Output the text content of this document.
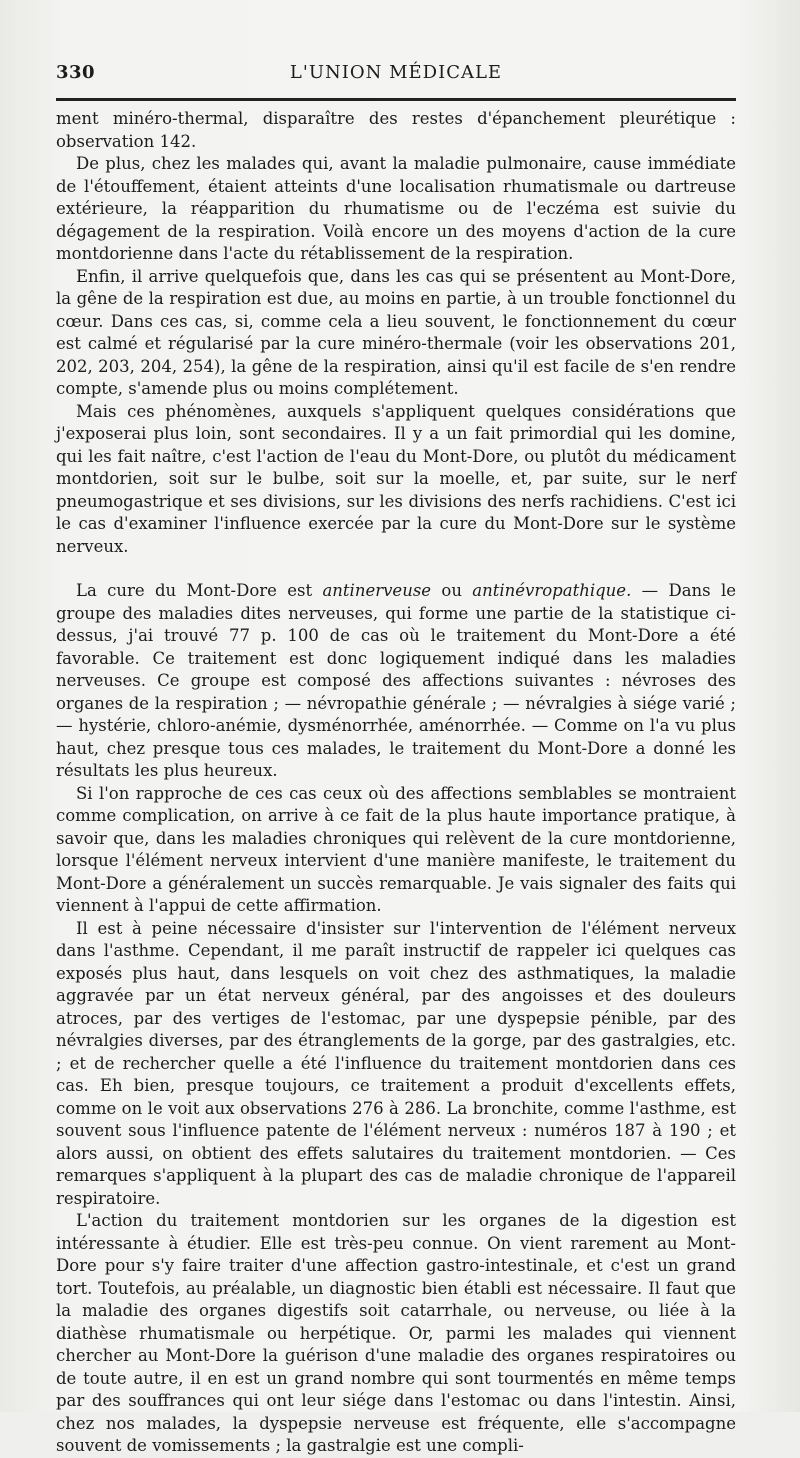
330	L'UNION MÉDICALE

ment minéro-thermal, disparaître des restes d'épanchement pleurétique : observation 142.

De plus, chez les malades qui, avant la maladie pulmonaire, cause immédiate de l'étouffement, étaient atteints d'une localisation rhumatismale ou dartreuse extérieure, la réapparition du rhumatisme ou de l'eczéma est suivie du dégagement de la respiration. Voilà encore un des moyens d'action de la cure montdorienne dans l'acte du rétablissement de la respiration.

Enfin, il arrive quelquefois que, dans les cas qui se présentent au Mont-Dore, la gêne de la respiration est due, au moins en partie, à un trouble fonctionnel du cœur. Dans ces cas, si, comme cela a lieu souvent, le fonctionnement du cœur est calmé et régularisé par la cure minéro-thermale (voir les observations 201, 202, 203, 204, 254), la gêne de la respiration, ainsi qu'il est facile de s'en rendre compte, s'amende plus ou moins complétement.

Mais ces phénomènes, auxquels s'appliquent quelques considérations que j'exposerai plus loin, sont secondaires. Il y a un fait primordial qui les domine, qui les fait naître, c'est l'action de l'eau du Mont-Dore, ou plutôt du médicament montdorien, soit sur le bulbe, soit sur la moelle, et, par suite, sur le nerf pneumogastrique et ses divisions, sur les divisions des nerfs rachidiens. C'est ici le cas d'examiner l'influence exercée par la cure du Mont-Dore sur le système nerveux.

La cure du Mont-Dore est antinerveuse ou antinévropathique. — Dans le groupe des maladies dites nerveuses, qui forme une partie de la statistique ci-dessus, j'ai trouvé 77 p. 100 de cas où le traitement du Mont-Dore a été favorable. Ce traitement est donc logiquement indiqué dans les maladies nerveuses. Ce groupe est composé des affections suivantes : névroses des organes de la respiration ; — névropathie générale ; — névralgies à siége varié ; — hystérie, chloro-anémie, dysménorrhée, aménorrhée. — Comme on l'a vu plus haut, chez presque tous ces malades, le traitement du Mont-Dore a donné les résultats les plus heureux.

Si l'on rapproche de ces cas ceux où des affections semblables se montraient comme complication, on arrive à ce fait de la plus haute importance pratique, à savoir que, dans les maladies chroniques qui relèvent de la cure montdorienne, lorsque l'élément nerveux intervient d'une manière manifeste, le traitement du Mont-Dore a généralement un succès remarquable. Je vais signaler des faits qui viennent à l'appui de cette affirmation.

Il est à peine nécessaire d'insister sur l'intervention de l'élément nerveux dans l'asthme. Cependant, il me paraît instructif de rappeler ici quelques cas exposés plus haut, dans lesquels on voit chez des asthmatiques, la maladie aggravée par un état nerveux général, par des angoisses et des douleurs atroces, par des vertiges de l'estomac, par une dyspepsie pénible, par des névralgies diverses, par des étranglements de la gorge, par des gastralgies, etc. ; et de rechercher quelle a été l'influence du traitement montdorien dans ces cas. Eh bien, presque toujours, ce traitement a produit d'excellents effets, comme on le voit aux observations 276 à 286. La bronchite, comme l'asthme, est souvent sous l'influence patente de l'élément nerveux : numéros 187 à 190 ; et alors aussi, on obtient des effets salutaires du traitement montdorien. — Ces remarques s'appliquent à la plupart des cas de maladie chronique de l'appareil respiratoire.

L'action du traitement montdorien sur les organes de la digestion est intéressante à étudier. Elle est très-peu connue. On vient rarement au Mont-Dore pour s'y faire traiter d'une affection gastro-intestinale, et c'est un grand tort. Toutefois, au préalable, un diagnostic bien établi est nécessaire. Il faut que la maladie des organes digestifs soit catarrhale, ou nerveuse, ou liée à la diathèse rhumatismale ou herpétique. Or, parmi les malades qui viennent chercher au Mont-Dore la guérison d'une maladie des organes respiratoires ou de toute autre, il en est un grand nombre qui sont tourmentés en même temps par des souffrances qui ont leur siége dans l'estomac ou dans l'intestin. Ainsi, chez nos malades, la dyspepsie nerveuse est fréquente, elle s'accompagne souvent de vomissements ; la gastralgie est une compli-
